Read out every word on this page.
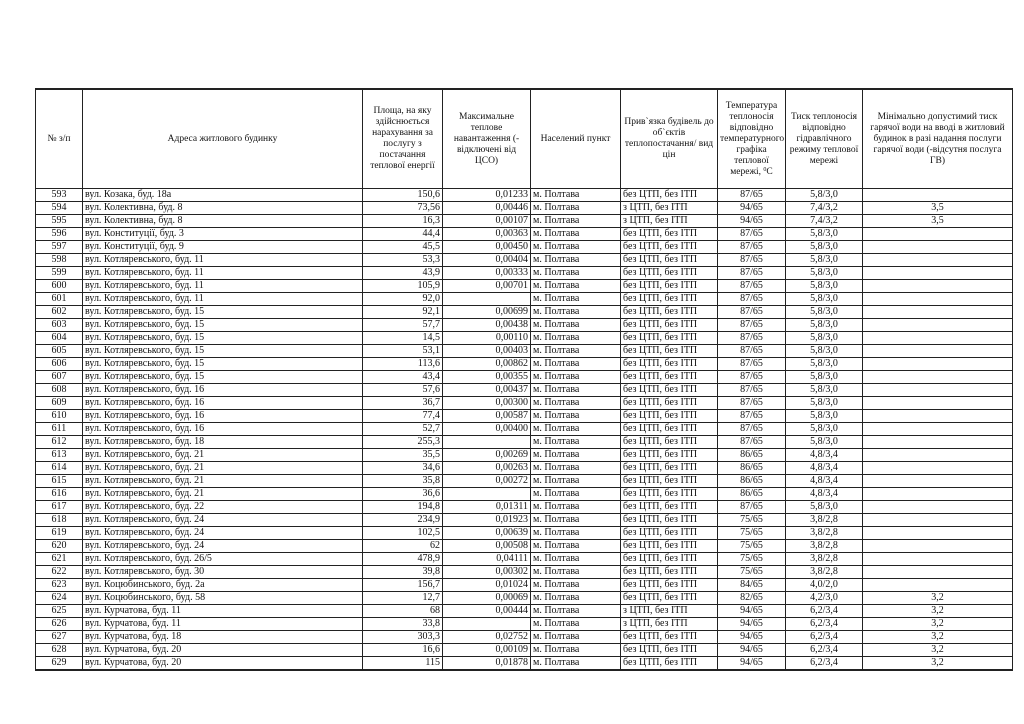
№ з/п	Адреса житлового будинку	Площа, на яку здійснюється нарахування за послугу з постачання теплової енергії	Максимальне теплове навантаження (-відключені від ЦСО)	Населений пункт	Прив`язка будівель до об`єктів теплопостачання/ вид цін	Температура теплоносія відповідно температурного графіка теплової мережі, $^0$C	Тиск теплоносія відповідно гідравлічного режиму теплової мережі	Мінімально допустимий тиск гарячої води на вводі в житловий будинок в разі надання послуги гарячої води (-відсутня послуга ГВ)
593	вул. Козака, буд. 18а	150,6	0,01233	м. Полтава	без ЦТП, без ІТП	87/65	5,8/3,0	
594	вул. Колективна, буд. 8	73,56	0,00446	м. Полтава	з ЦТП, без ІТП	94/65	7,4/3,2	3,5
595	вул. Колективна, буд. 8	16,3	0,00107	м. Полтава	з ЦТП, без ІТП	94/65	7,4/3,2	3,5
596	вул. Конституції, буд. 3	44,4	0,00363	м. Полтава	без ЦТП, без ІТП	87/65	5,8/3,0	
597	вул. Конституції, буд. 9	45,5	0,00450	м. Полтава	без ЦТП, без ІТП	87/65	5,8/3,0	
598	вул. Котляревського, буд. 11	53,3	0,00404	м. Полтава	без ЦТП, без ІТП	87/65	5,8/3,0	
599	вул. Котляревського, буд. 11	43,9	0,00333	м. Полтава	без ЦТП, без ІТП	87/65	5,8/3,0	
600	вул. Котляревського, буд. 11	105,9	0,00701	м. Полтава	без ЦТП, без ІТП	87/65	5,8/3,0	
601	вул. Котляревського, буд. 11	92,0		м. Полтава	без ЦТП, без ІТП	87/65	5,8/3,0	
602	вул. Котляревського, буд. 15	92,1	0,00699	м. Полтава	без ЦТП, без ІТП	87/65	5,8/3,0	
603	вул. Котляревського, буд. 15	57,7	0,00438	м. Полтава	без ЦТП, без ІТП	87/65	5,8/3,0	
604	вул. Котляревського, буд. 15	14,5	0,00110	м. Полтава	без ЦТП, без ІТП	87/65	5,8/3,0	
605	вул. Котляревського, буд. 15	53,1	0,00403	м. Полтава	без ЦТП, без ІТП	87/65	5,8/3,0	
606	вул. Котляревського, буд. 15	113,6	0,00862	м. Полтава	без ЦТП, без ІТП	87/65	5,8/3,0	
607	вул. Котляревського, буд. 15	43,4	0,00355	м. Полтава	без ЦТП, без ІТП	87/65	5,8/3,0	
608	вул. Котляревського, буд. 16	57,6	0,00437	м. Полтава	без ЦТП, без ІТП	87/65	5,8/3,0	
609	вул. Котляревського, буд. 16	36,7	0,00300	м. Полтава	без ЦТП, без ІТП	87/65	5,8/3,0	
610	вул. Котляревського, буд. 16	77,4	0,00587	м. Полтава	без ЦТП, без ІТП	87/65	5,8/3,0	
611	вул. Котляревського, буд. 16	52,7	0,00400	м. Полтава	без ЦТП, без ІТП	87/65	5,8/3,0	
612	вул. Котляревського, буд. 18	255,3		м. Полтава	без ЦТП, без ІТП	87/65	5,8/3,0	
613	вул. Котляревського, буд. 21	35,5	0,00269	м. Полтава	без ЦТП, без ІТП	86/65	4,8/3,4	
614	вул. Котляревського, буд. 21	34,6	0,00263	м. Полтава	без ЦТП, без ІТП	86/65	4,8/3,4	
615	вул. Котляревського, буд. 21	35,8	0,00272	м. Полтава	без ЦТП, без ІТП	86/65	4,8/3,4	
616	вул. Котляревського, буд. 21	36,6		м. Полтава	без ЦТП, без ІТП	86/65	4,8/3,4	
617	вул. Котляревського, буд. 22	194,8	0,01311	м. Полтава	без ЦТП, без ІТП	87/65	5,8/3,0	
618	вул. Котляревського, буд. 24	234,9	0,01923	м. Полтава	без ЦТП, без ІТП	75/65	3,8/2,8	
619	вул. Котляревського, буд. 24	102,5	0,00639	м. Полтава	без ЦТП, без ІТП	75/65	3,8/2,8	
620	вул. Котляревського, буд. 24	62	0,00508	м. Полтава	без ЦТП, без ІТП	75/65	3,8/2,8	
621	вул. Котляревського, буд. 26/5	478,9	0,04111	м. Полтава	без ЦТП, без ІТП	75/65	3,8/2,8	
622	вул. Котляревського, буд. 30	39,8	0,00302	м. Полтава	без ЦТП, без ІТП	75/65	3,8/2,8	
623	вул. Коцюбинського, буд. 2а	156,7	0,01024	м. Полтава	без ЦТП, без ІТП	84/65	4,0/2,0	
624	вул. Коцюбинського, буд. 58	12,7	0,00069	м. Полтава	без ЦТП, без ІТП	82/65	4,2/3,0	3,2
625	вул. Курчатова, буд. 11	68	0,00444	м. Полтава	з ЦТП, без ІТП	94/65	6,2/3,4	3,2
626	вул. Курчатова, буд. 11	33,8		м. Полтава	з ЦТП, без ІТП	94/65	6,2/3,4	3,2
627	вул. Курчатова, буд. 18	303,3	0,02752	м. Полтава	без ЦТП, без ІТП	94/65	6,2/3,4	3,2
628	вул. Курчатова, буд. 20	16,6	0,00109	м. Полтава	без ЦТП, без ІТП	94/65	6,2/3,4	3,2
629	вул. Курчатова, буд. 20	115	0,01878	м. Полтава	без ЦТП, без ІТП	94/65	6,2/3,4	3,2
